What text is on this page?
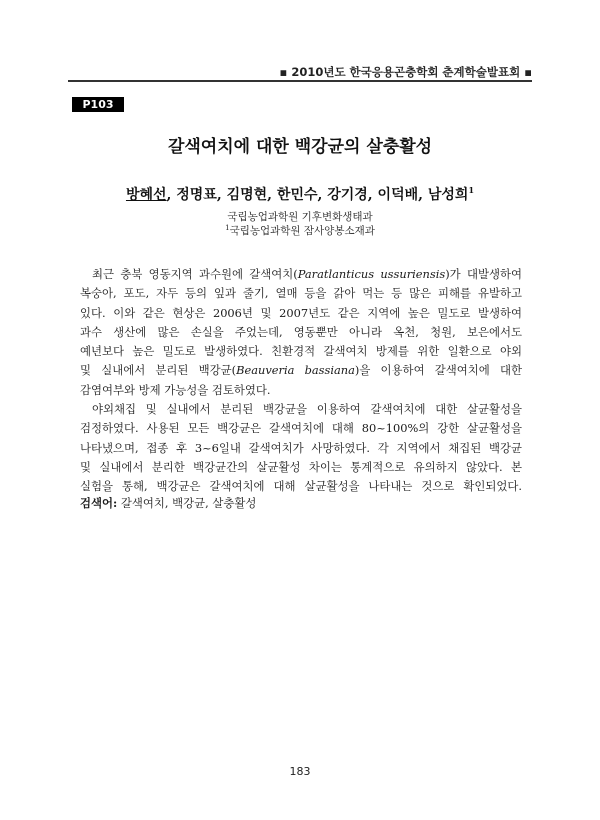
▪ 2010년도 한국응용곤충학회 춘계학술발표회 ▪
P103
갈색여치에 대한 백강균의 살충활성
방혜선, 정명표, 김명현, 한민수, 강기경, 이덕배, 남성희$^1$
국립농업과학원 기후변화생태과
$^1$국립농업과학원 잠사양봉소재과
최근 충북 영동지역 과수원에 갈색여치(Paratlanticus ussuriensis)가 대발생하여
복숭아, 포도, 자두 등의 잎과 줄기, 열매 등을 갉아 먹는 등 많은 피해를 유발하고
있다. 이와 같은 현상은 2006년 및 2007년도 같은 지역에 높은 밀도로 발생하여
과수 생산에 많은 손실을 주었는데, 영동뿐만 아니라 옥천, 청원, 보은에서도
예년보다 높은 밀도로 발생하였다. 친환경적 갈색여치 방제를 위한 일환으로 야외
및 실내에서 분리된 백강균(Beauveria bassiana)을 이용하여 갈색여치에 대한
감염여부와 방제 가능성을 검토하였다.
야외채집 및 실내에서 분리된 백강균을 이용하여 갈색여치에 대한 살균활성을
검정하였다. 사용된 모든 백강균은 갈색여치에 대해 80~100%의 강한 살균활성을
나타냈으며, 접종 후 3~6일내 갈색여치가 사망하였다. 각 지역에서 채집된 백강균
및 실내에서 분리한 백강균간의 살균활성 차이는 통계적으로 유의하지 않았다. 본
실험을 통해, 백강균은 갈색여치에 대해 살균활성을 나타내는 것으로 확인되었다.
검색어: 갈색여치, 백강균, 살충활성
183
